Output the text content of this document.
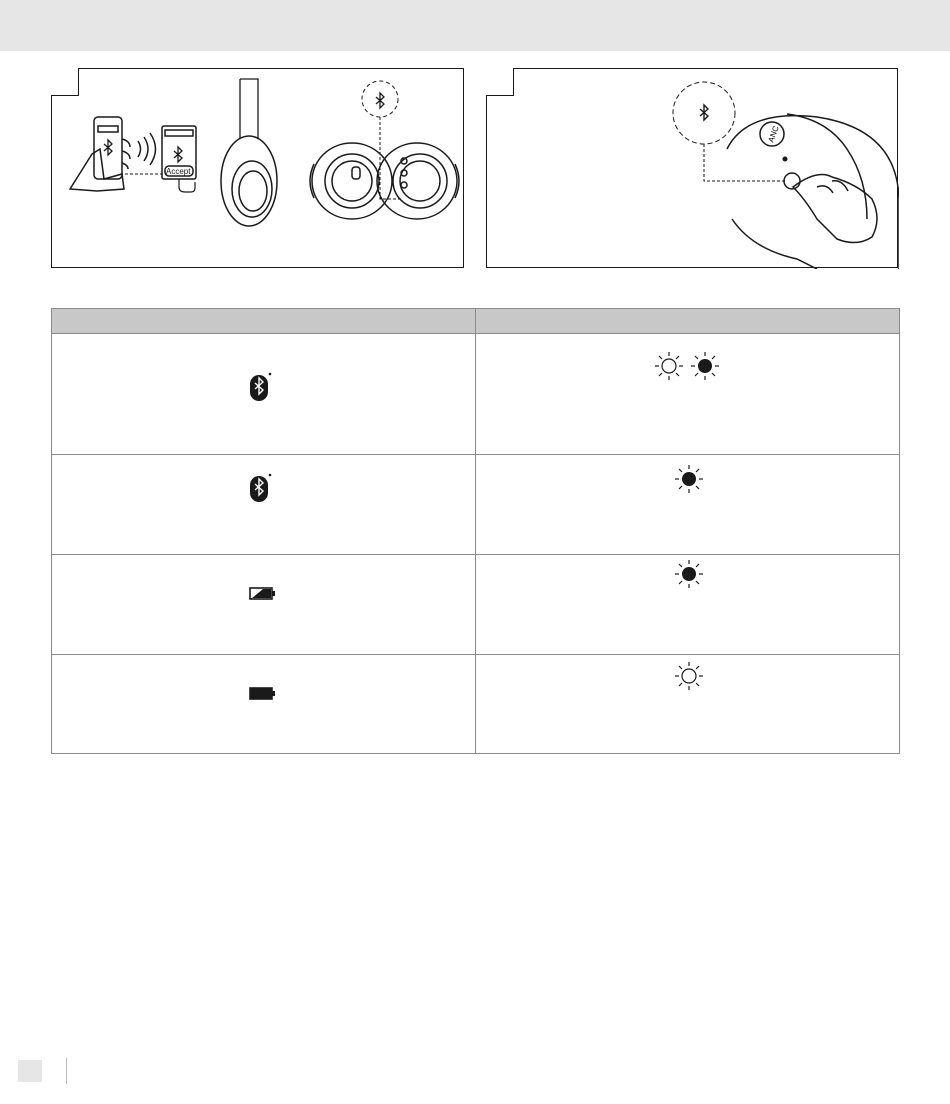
Accept
ANC
